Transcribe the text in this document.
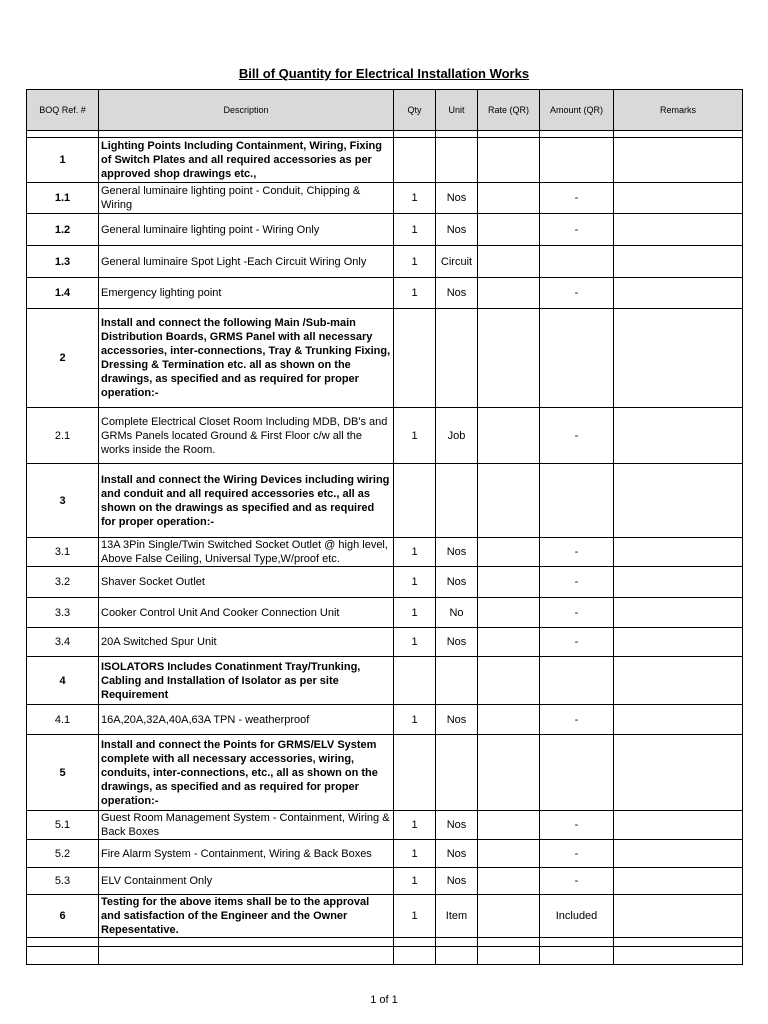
Bill of Quantity for Electrical Installation Works
BOQ Ref. #	Description	Qty	Unit	Rate (QR)	Amount (QR)	Remarks

1	Lighting Points Including Containment, Wiring, Fixing of Switch Plates and all required accessories as per approved shop drawings etc.,					
1.1	General luminaire lighting point - Conduit, Chipping & Wiring	1	Nos		-	
1.2	General luminaire lighting point - Wiring Only	1	Nos		-	
1.3	General luminaire Spot Light -Each Circuit Wiring Only	1	Circuit			
1.4	Emergency lighting point	1	Nos		-	
2	Install and connect the following Main /Sub-main Distribution Boards, GRMS Panel with all necessary accessories, inter-connections, Tray & Trunking Fixing, Dressing & Termination etc. all as shown on the drawings, as specified and as required for proper operation:-					
2.1	Complete Electrical Closet Room Including MDB, DB's and GRMs Panels located Ground & First Floor c/w all the works inside the Room.	1	Job		-	
3	Install and connect the Wiring Devices including wiring and conduit and all required accessories etc., all as shown on the drawings as specified and as required for proper operation:-					
3.1	13A 3Pin Single/Twin Switched Socket Outlet @ high level, Above False Ceiling, Universal Type,W/proof etc.	1	Nos		-	
3.2	Shaver Socket Outlet	1	Nos		-	
3.3	Cooker Control Unit And Cooker Connection Unit	1	No		-	
3.4	20A Switched Spur Unit	1	Nos		-	
4	ISOLATORS Includes Conatinment Tray/Trunking, Cabling and Installation of Isolator as per site Requirement					
4.1	16A,20A,32A,40A,63A TPN - weatherproof	1	Nos		-	
5	Install and connect the Points for GRMS/ELV System complete with all necessary accessories, wiring, conduits, inter-connections, etc., all as shown on the drawings, as specified and as required for proper operation:-					
5.1	Guest Room Management System - Containment, Wiring & Back Boxes	1	Nos		-	
5.2	Fire Alarm System - Containment, Wiring & Back Boxes	1	Nos		-	
5.3	ELV Containment Only	1	Nos		-	
6	Testing for the above items shall be to the approval and satisfaction of the Engineer and the Owner Repesentative.	1	Item		Included	

1 of 1
